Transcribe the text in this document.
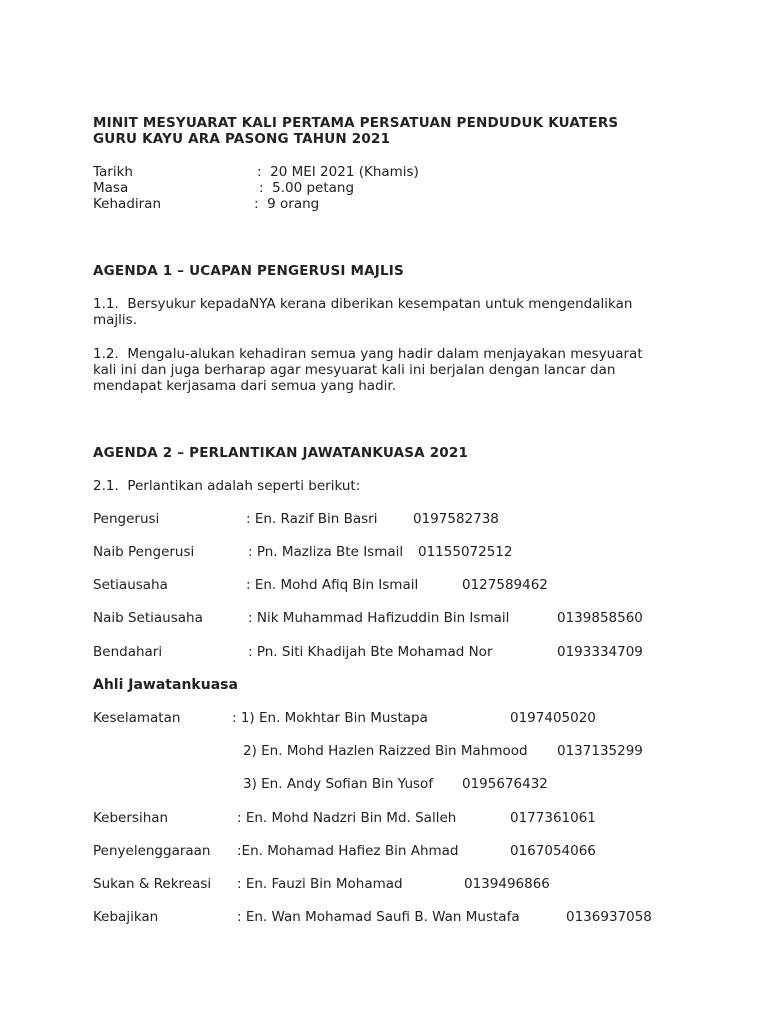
MINIT MESYUARAT KALI PERTAMA PERSATUAN PENDUDUK KUATERS
GURU KAYU ARA PASONG TAHUN 2021
Tarikh	:  20 MEI 2021 (Khamis)
Masa	:  5.00 petang
Kehadiran	:  9 orang
AGENDA 1 – UCAPAN PENGERUSI MAJLIS
1.1.  Bersyukur kepadaNYA kerana diberikan kesempatan untuk mengendalikan
majlis.
1.2.  Mengalu-alukan kehadiran semua yang hadir dalam menjayakan mesyuarat
kali ini dan juga berharap agar mesyuarat kali ini berjalan dengan lancar dan
mendapat kerjasama dari semua yang hadir.
AGENDA 2 – PERLANTIKAN JAWATANKUASA 2021
2.1.  Perlantikan adalah seperti berikut:
Pengerusi	: En. Razif Bin Basri	0197582738
Naib Pengerusi	: Pn. Mazliza Bte Ismail 01155072512
Setiausaha	: En. Mohd Afiq Bin Ismail	0127589462
Naib Setiausaha	: Nik Muhammad Hafizuddin Bin Ismail	0139858560
Bendahari	: Pn. Siti Khadijah Bte Mohamad Nor	0193334709
Ahli Jawatankuasa
Keselamatan	: 1) En. Mokhtar Bin Mustapa	0197405020
2) En. Mohd Hazlen Raizzed Bin Mahmood 0137135299
3) En. Andy Sofian Bin Yusof 0195676432
Kebersihan	: En. Mohd Nadzri Bin Md. Salleh	0177361061
Penyelenggaraan :En. Mohamad Hafiez Bin Ahmad	0167054066
Sukan & Rekreasi : En. Fauzi Bin Mohamad	0139496866
Kebajikan	: En. Wan Mohamad Saufi B. Wan Mustafa	0136937058
